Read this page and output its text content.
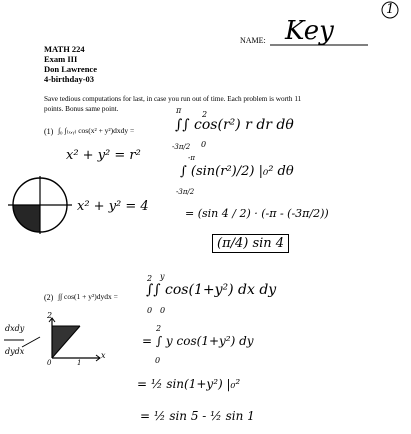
1
NAME: Key
MATH 224
Exam III
Don Lawrence
4-birthday-03
Save tedious computations for last, in case you run out of time. Each problem is worth 11
points. Bonus same point.
(1) ∫₀ ∫₍ₓ,ᵧ₎ cos(x² + y²)dxdy =	∫∫ cos(r²) r dr dθ
π
-3π/2
2
0
x² + y² = r²
∫ (sin(r²)/2) |₀² dθ
-π
-3π/2
x² + y² = 4	= (sin 4 / 2) · (-π - (-3π/2))
(π/4) sin 4
(2) ∫∫ cos(1 + y²)dydx = ∫∫ cos(1+y²) dx dy
2
0
y
0
dxdy
dydx
= ∫ y cos(1+y²) dy
2
0
= ½ sin(1+y²) |₀²
= ½ sin 5 - ½ sin 1
2
x
0	1
